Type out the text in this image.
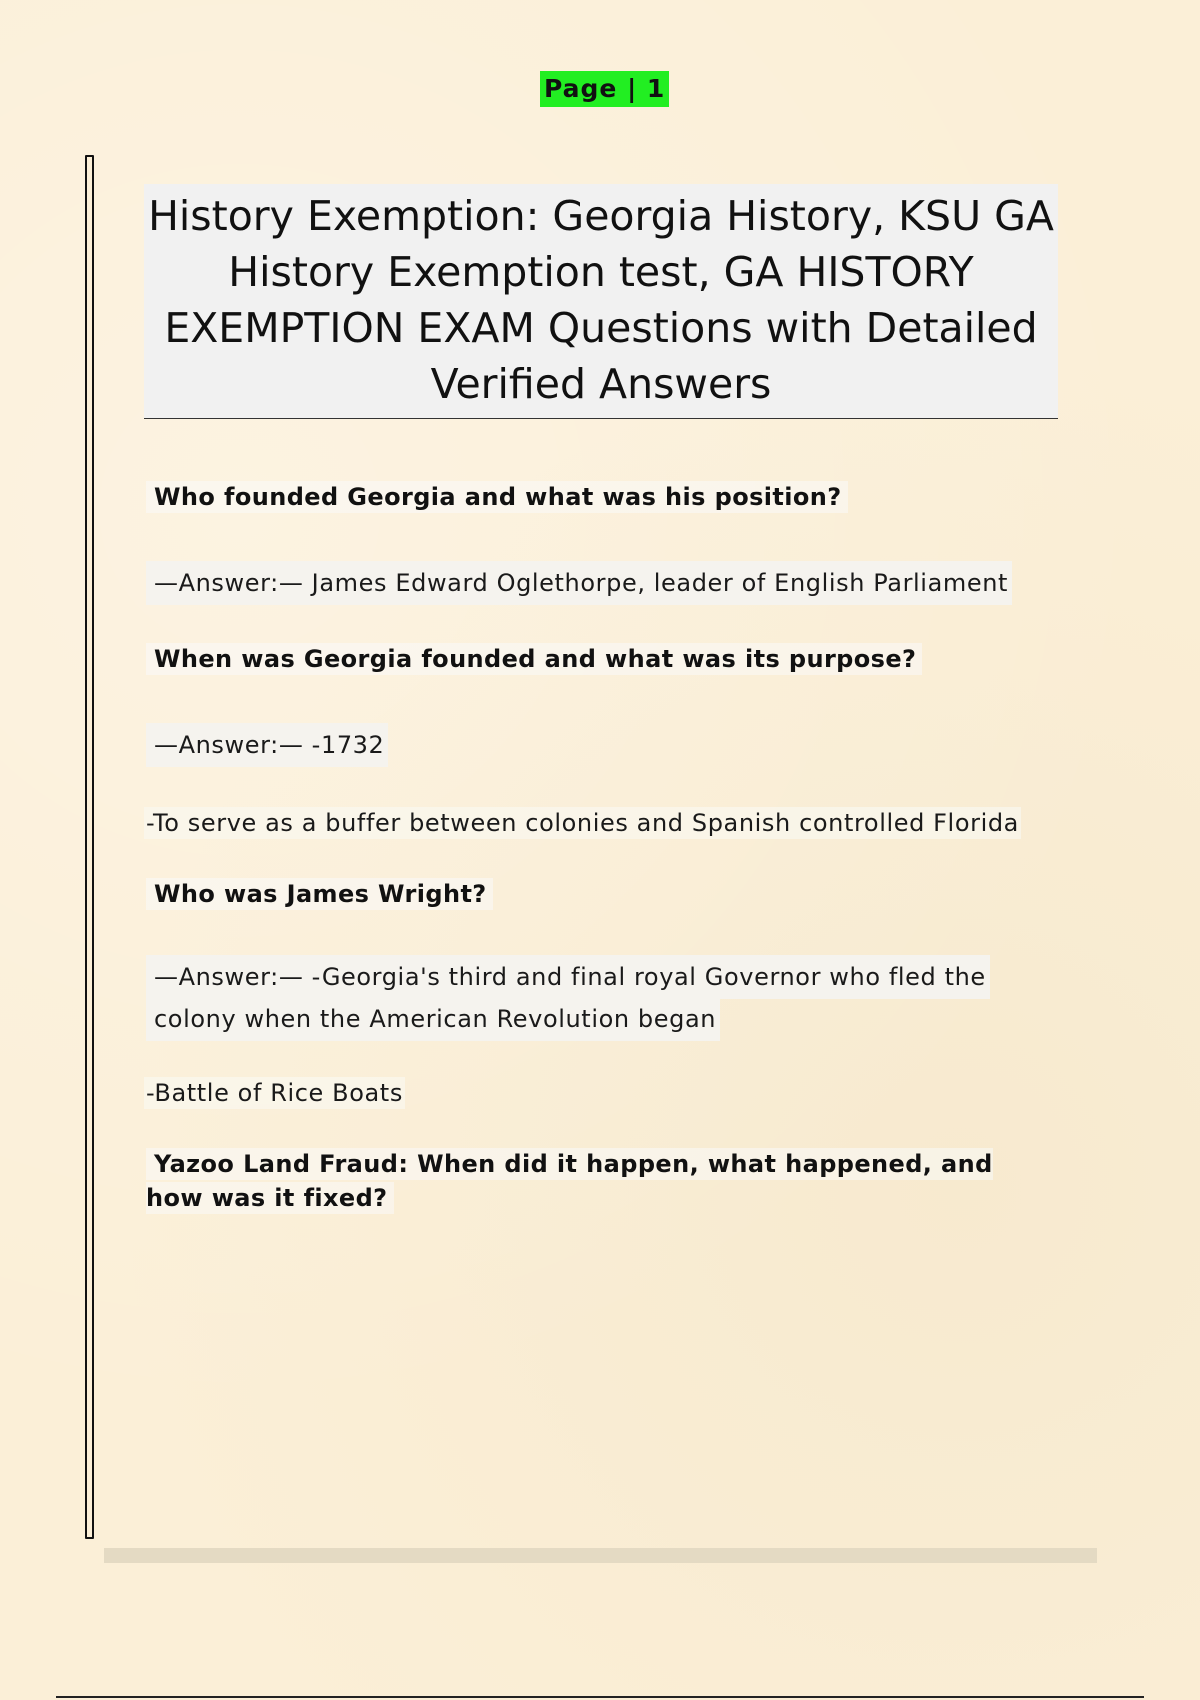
Page | 1
History Exemption: Georgia History, KSU GA History Exemption test, GA HISTORY EXEMPTION EXAM Questions with Detailed Verified Answers
Who founded Georgia and what was his position?
—Answer:— James Edward Oglethorpe, leader of English Parliament
When was Georgia founded and what was its purpose?
—Answer:— -1732
-To serve as a buffer between colonies and Spanish controlled Florida
Who was James Wright?
—Answer:— -Georgia's third and final royal Governor who fled the colony when the American Revolution began
-Battle of Rice Boats
Yazoo Land Fraud: When did it happen, what happened, and how was it fixed?
